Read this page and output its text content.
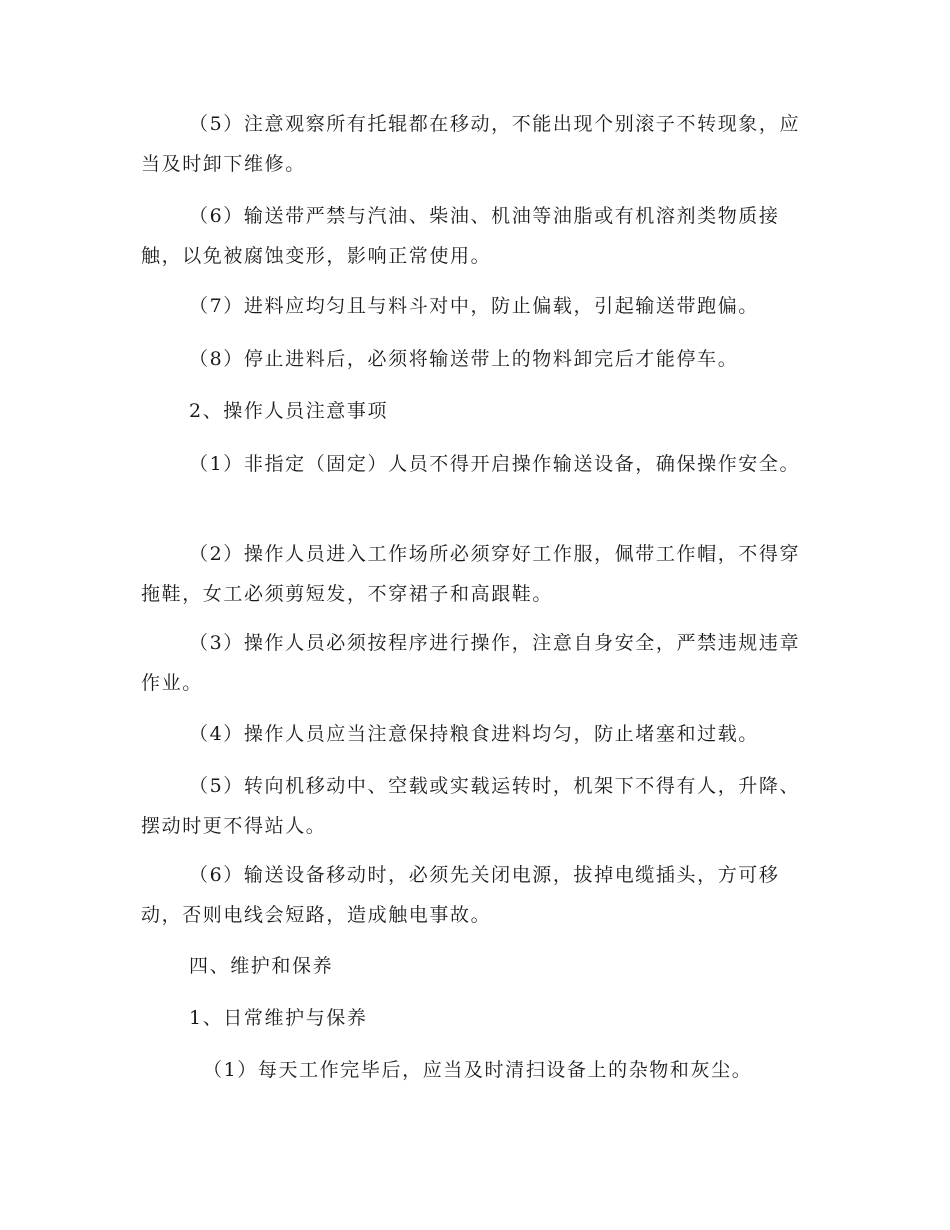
（5）注意观察所有托辊都在移动，不能出现个别滚子不转现象，应当及时卸下维修。

（6）输送带严禁与汽油、柴油、机油等油脂或有机溶剂类物质接触，以免被腐蚀变形，影响正常使用。

（7）进料应均匀且与料斗对中，防止偏载，引起输送带跑偏。

（8）停止进料后，必须将输送带上的物料卸完后才能停车。

2、操作人员注意事项

（1）非指定（固定）人员不得开启操作输送设备，确保操作安全。

（2）操作人员进入工作场所必须穿好工作服，佩带工作帽，不得穿拖鞋，女工必须剪短发，不穿裙子和高跟鞋。

（3）操作人员必须按程序进行操作，注意自身安全，严禁违规违章作业。

（4）操作人员应当注意保持粮食进料均匀，防止堵塞和过载。

（5）转向机移动中、空载或实载运转时，机架下不得有人，升降、摆动时更不得站人。

（6）输送设备移动时，必须先关闭电源，拔掉电缆插头，方可移动，否则电线会短路，造成触电事故。

四、维护和保养

1、日常维护与保养

（1）每天工作完毕后，应当及时清扫设备上的杂物和灰尘。
